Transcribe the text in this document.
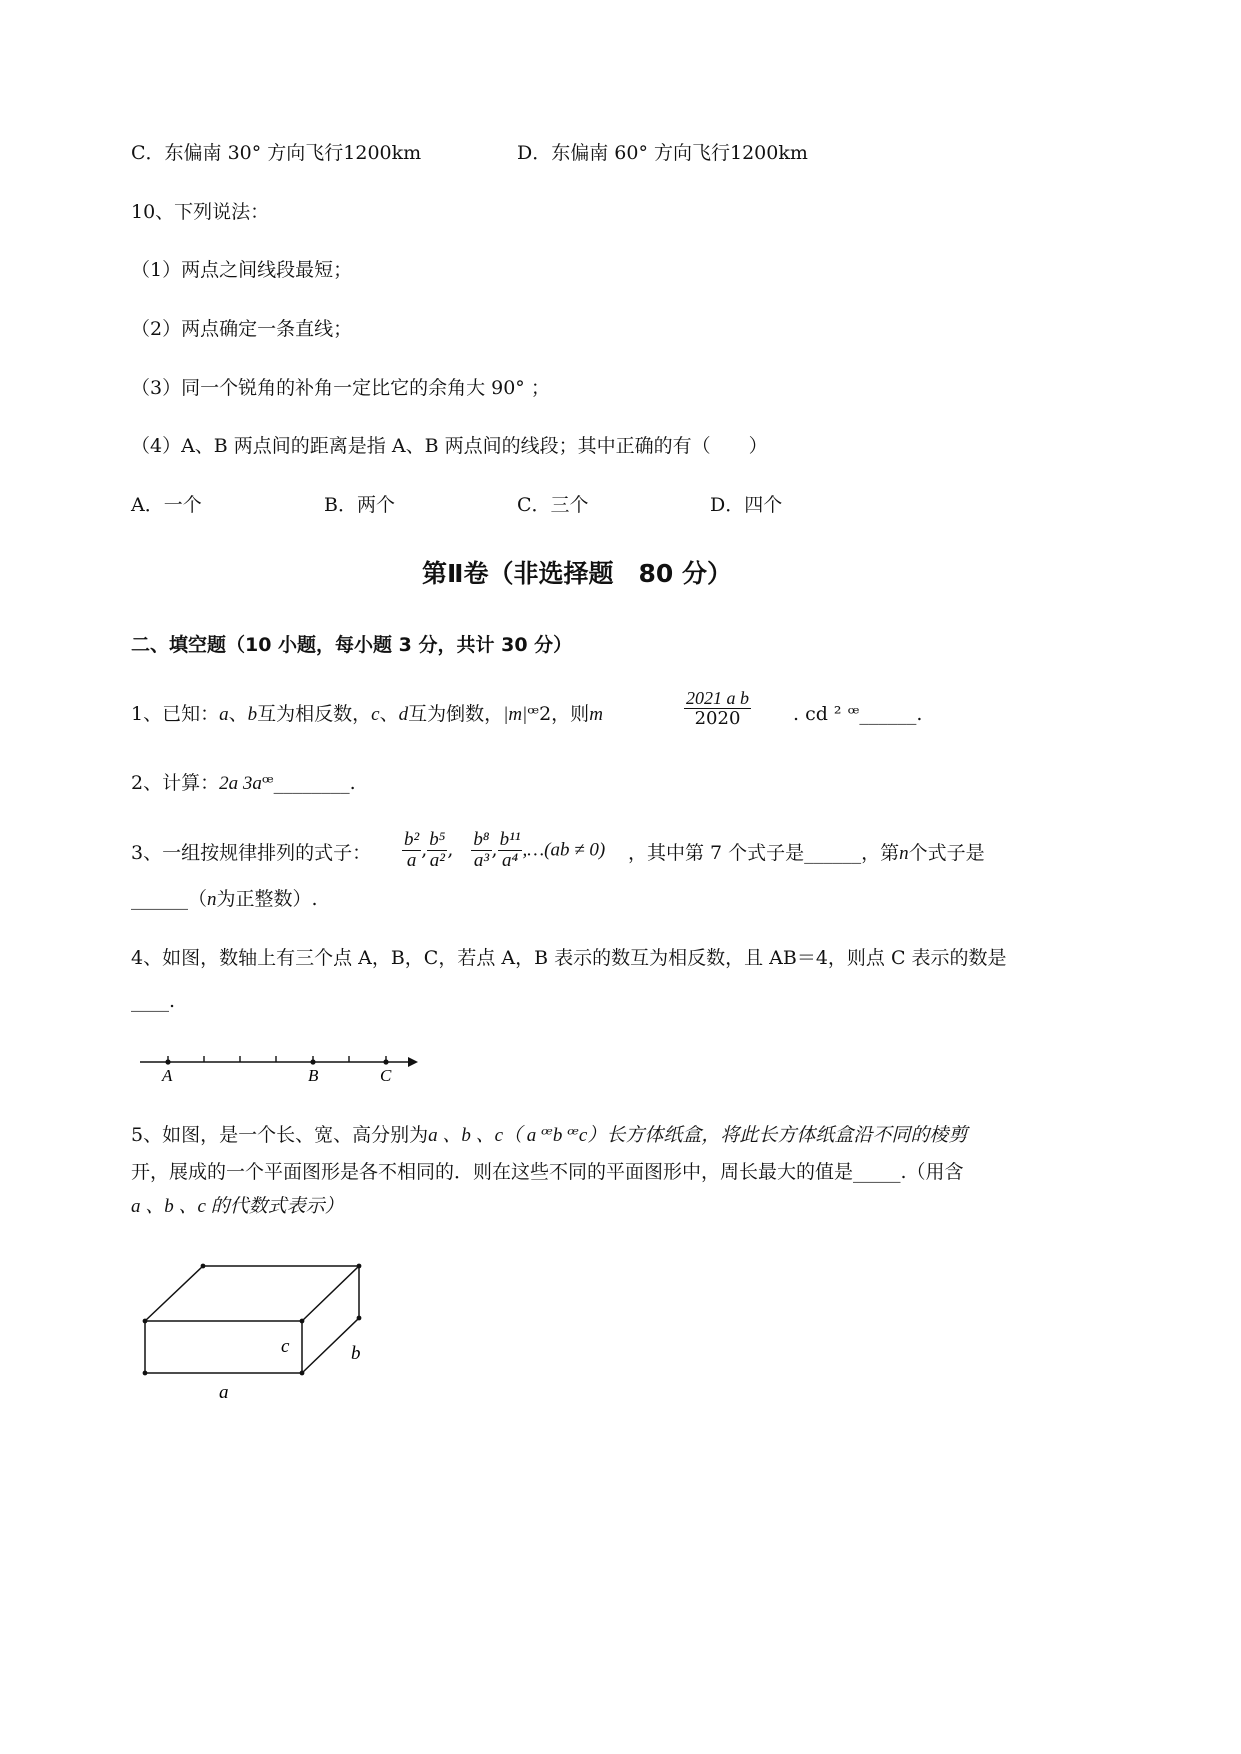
C．东偏南 30° 方向飞行1200km	D．东偏南 60° 方向飞行1200km
10、下列说法：
（1）两点之间线段最短；
（2）两点确定一条直线；
（3）同一个锐角的补角一定比它的余角大 90° ；
（4）A、B 两点间的距离是指 A、B 两点间的线段；其中正确的有（　　）
A．一个	B．两个	C．三个	D．四个
第Ⅱ卷（非选择题　80 分）
二、填空题（10 小题，每小题 3 分，共计 30 分）
1、已知：a、b互为相反数，c、d互为倒数，|m|ꟹ2，则m	$\frac{\text{2021 a b}}{2020}$ . cd ² ꟹ______.
2、计算：2a 3aꟹ________.
3、一组按规律排列的式子： $\frac{\text{b²}}{a}$ , $\frac{\text{b⁵}}{\text{a²}}$ , $\frac{\text{b⁸}}{\text{a³}}$ , $\frac{\text{b¹¹}}{\text{a⁴}}$ ,…(ab ≠ 0) ，其中第 7 个式子是______，第n个式子是
______（n为正整数）.
4、如图，数轴上有三个点 A，B，C，若点 A，B 表示的数互为相反数，且 AB＝4，则点 C 表示的数是
____.
A	B	C
5、如图，是一个长、宽、高分别为a 、b 、c（ a ꟹb ꟹc）长方体纸盒，将此长方体纸盒沿不同的棱剪
开，展成的一个平面图形是各不相同的．则在这些不同的平面图形中，周长最大的值是_____.（用含
a 、b 、c 的代数式表示）
c	b
a
